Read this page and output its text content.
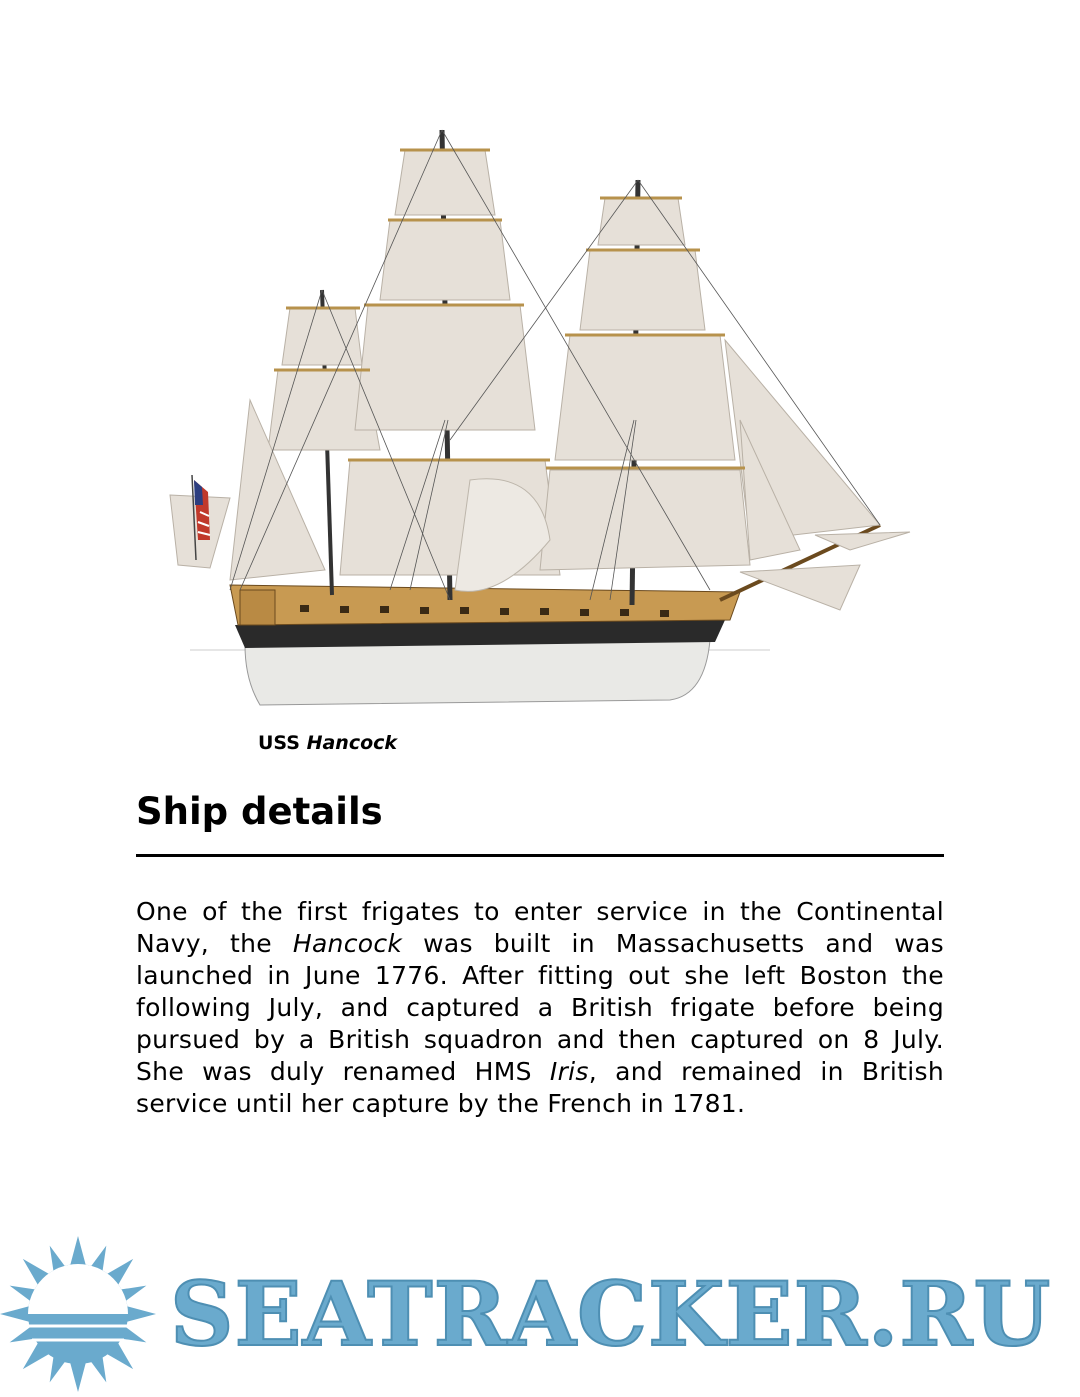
USS Hancock
Ship details

One of the first frigates to enter service in the Continental Navy, the Hancock was built in Massachusetts and was launched in June 1776. After fitting out she left Boston the following July, and captured a British frigate before being pursued by a British squadron and then captured on 8 July. She was duly renamed HMS Iris, and remained in British service until her capture by the French in 1781.

SEATRACKER.RU
